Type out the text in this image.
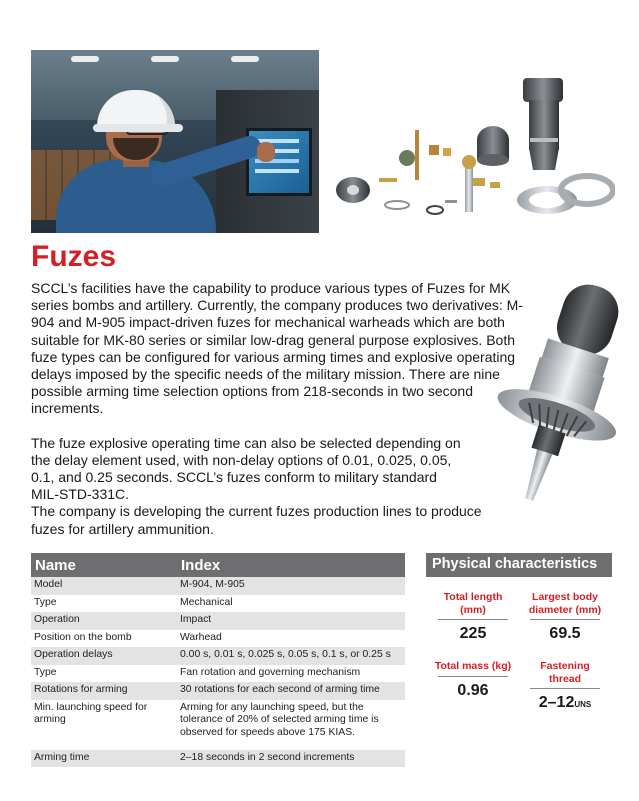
Fuzes

SCCL’s facilities have the capability to produce various types of Fuzes for MK series bombs and artillery. Currently, the company produces two derivatives: M-904 and M-905 impact-driven fuzes for mechanical warheads which are both suitable for MK-80 series or similar low-drag general purpose explosives. Both fuze types can be configured for various arming times and explosive operating delays imposed by the specific needs of the military mission. There are nine possible arming time selection options from 218-seconds in two second increments.

The fuze explosive operating time can also be selected depending on the delay element used, with non-delay options of 0.01, 0.025, 0.05, 0.1, and 0.25 seconds. SCCL’s fuzes conform to military standard MIL-STD-331C.

The company is developing the current fuzes production lines to produce fuzes for artillery ammunition.

Name	Index
Model	M-904, M-905
Type	Mechanical
Operation	Impact
Position on the bomb	Warhead
Operation delays	0.00 s, 0.01 s, 0.025 s, 0.05 s, 0.1 s, or 0.25 s
Type	Fan rotation and governing mechanism
Rotations for arming	30 rotations for each second of arming time
Min. launching speed for arming	Arming for any launching speed, but the tolerance of 20% of selected arming time is observed for speeds above 175 KIAS.
Arming time	2–18 seconds in 2 second increments
Physical characteristics
Total length (mm)
225
Largest body diameter (mm)
69.5
Total mass (kg)
0.96
Fastening thread
2–12UNS
